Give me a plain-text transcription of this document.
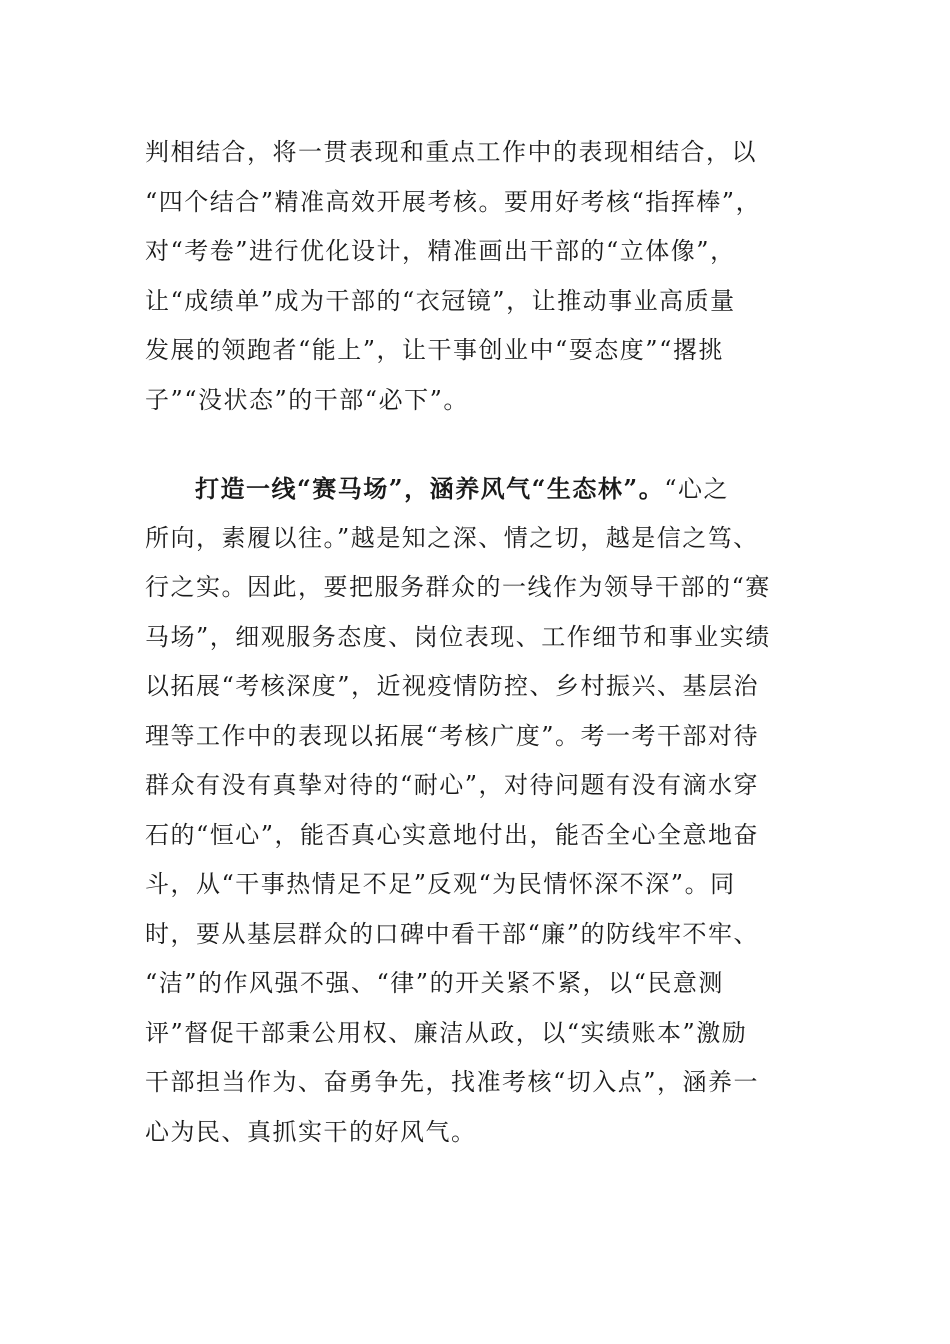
判相结合，将一贯表现和重点工作中的表现相结合，以
“四个结合”精准高效开展考核。要用好考核“指挥棒”，
对“考卷”进行优化设计，精准画出干部的“立体像”，
让“成绩单”成为干部的“衣冠镜”，让推动事业高质量
发展的领跑者“能上”，让干事创业中“耍态度”“撂挑
子”“没状态”的干部“必下”。
打造一线“赛马场”，涵养风气“生态林”。“心之
所向，素履以往。”越是知之深、情之切，越是信之笃、
行之实。因此，要把服务群众的一线作为领导干部的“赛
马场”，细观服务态度、岗位表现、工作细节和事业实绩
以拓展“考核深度”，近视疫情防控、乡村振兴、基层治
理等工作中的表现以拓展“考核广度”。考一考干部对待
群众有没有真挚对待的“耐心”，对待问题有没有滴水穿
石的“恒心”，能否真心实意地付出，能否全心全意地奋
斗，从“干事热情足不足”反观“为民情怀深不深”。同
时，要从基层群众的口碑中看干部“廉”的防线牢不牢、
“洁”的作风强不强、“律”的开关紧不紧，以“民意测
评”督促干部秉公用权、廉洁从政，以“实绩账本”激励
干部担当作为、奋勇争先，找准考核“切入点”，涵养一
心为民、真抓实干的好风气。
